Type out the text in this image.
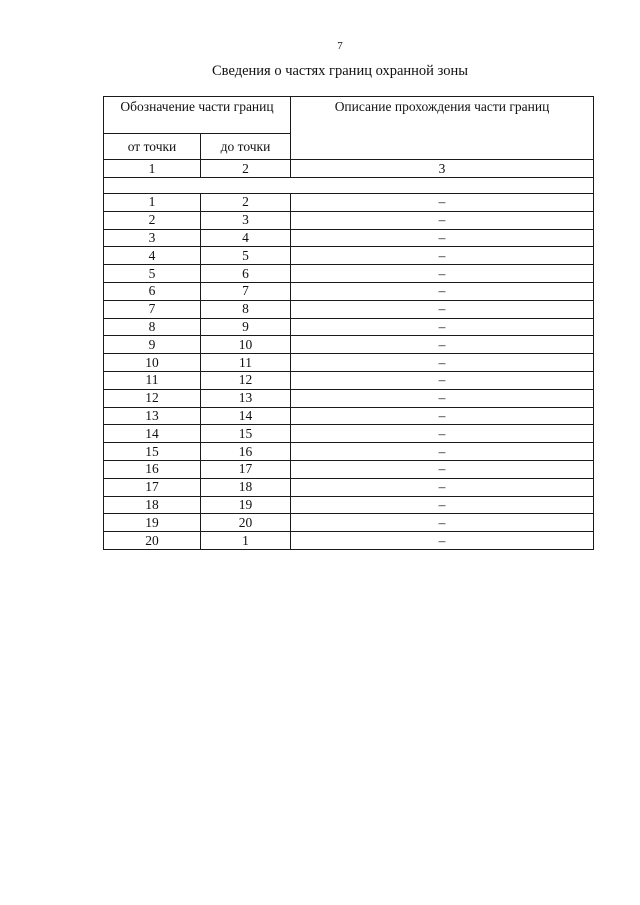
7
Сведения о частях границ охранной зоны
Обозначение части границ		Описание прохождения части границ
от точки	до точки	
1	2	3

1	2	–
2	3	–
3	4	–
4	5	–
5	6	–
6	7	–
7	8	–
8	9	–
9	10	–
10	11	–
11	12	–
12	13	–
13	14	–
14	15	–
15	16	–
16	17	–
17	18	–
18	19	–
19	20	–
20	1	–
